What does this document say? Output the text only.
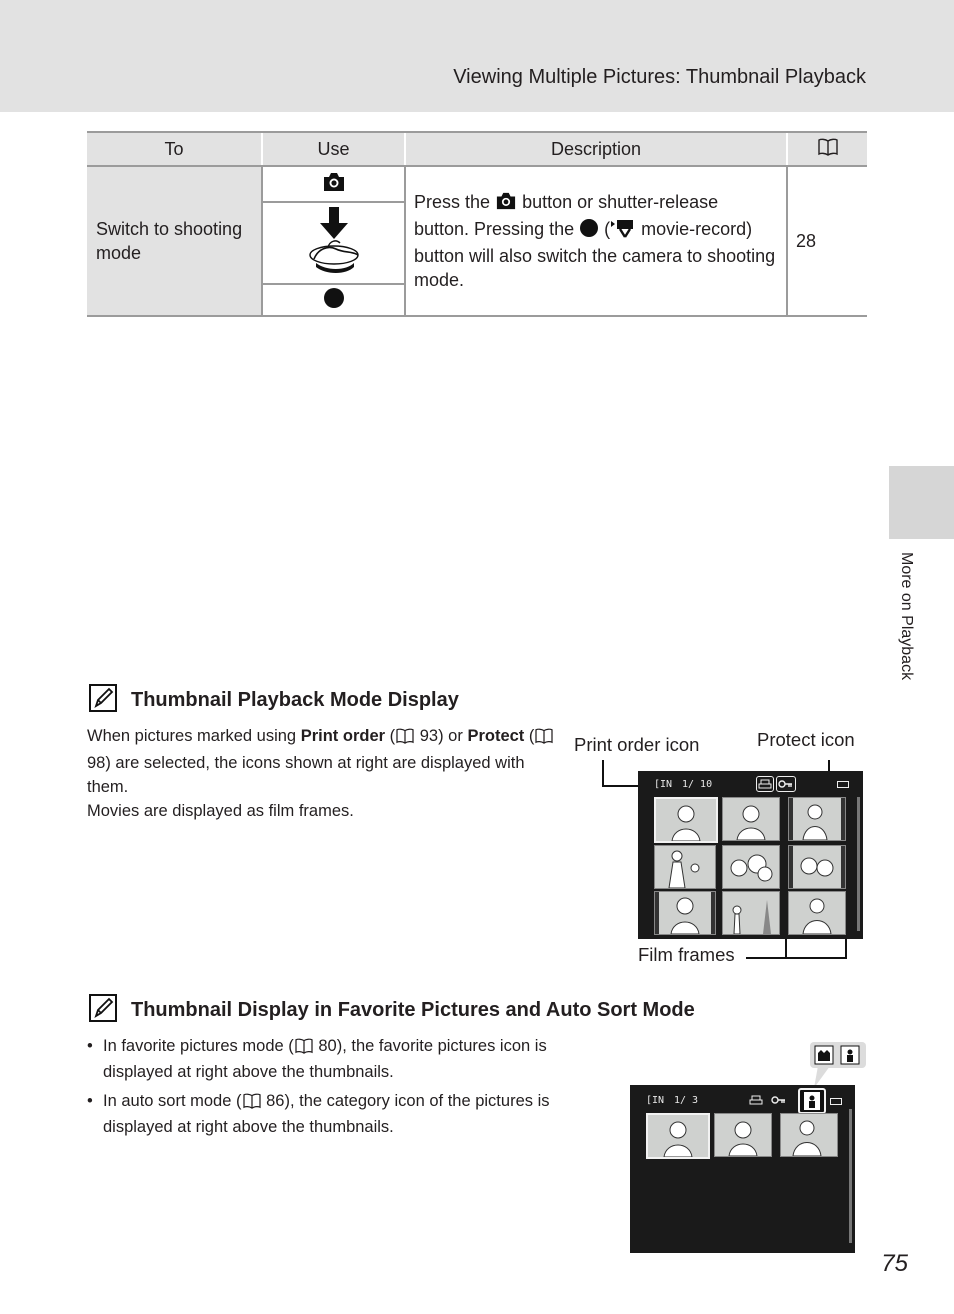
Viewing Multiple Pictures: Thumbnail Playback
More on Playback
To	Use	Description	
Switch to shooting mode		Press the button or shutter-release button. Pressing the ( movie-record) button will also switch the camera to shooting mode.	28

Thumbnail Playback Mode Display
When pictures marked using Print order ( 93) or Protect ( 98) are selected, the icons shown at right are displayed with them.
Movies are displayed as film frames.
Print order icon	Protect icon
Film frames
[IN 1/ 10
Thumbnail Display in Favorite Pictures and Auto Sort Mode
• In favorite pictures mode ( 80), the favorite pictures icon is displayed at right above the thumbnails.
• In auto sort mode ( 86), the category icon of the pictures is displayed at right above the thumbnails.
[IN 1/ 3
75
